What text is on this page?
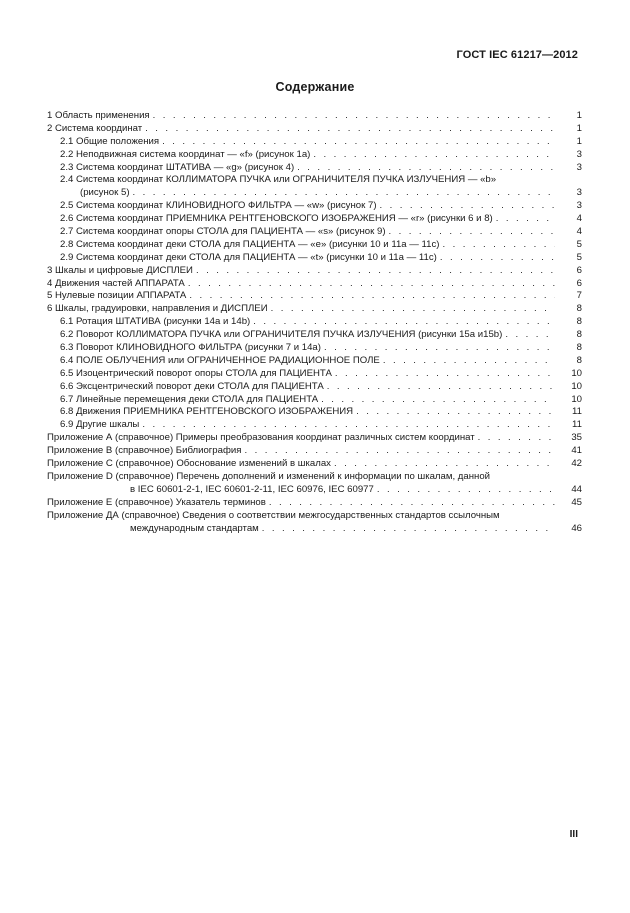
ГОСТ IEC 61217—2012
Содержание
1 Область применения . . .	1
2 Система координат . . .	1
2.1 Общие положения . . .	1
2.2 Неподвижная система координат — «f» (рисунок 1а) . . .	3
2.3 Система координат ШТАТИВА — «g» (рисунок 4) . . .	3
2.4 Система координат КОЛЛИМАТОРА ПУЧКА или ОГРАНИЧИТЕЛЯ ПУЧКА ИЗЛУЧЕНИЯ — «b»
(рисунок 5) . . .	3
2.5 Система координат КЛИНОВИДНОГО ФИЛЬТРА — «w» (рисунок 7) . . .	3
2.6 Система координат ПРИЕМНИКА РЕНТГЕНОВСКОГО ИЗОБРАЖЕНИЯ — «r» (рисунки 6 и 8) . . .	4
2.7 Система координат опоры СТОЛА для ПАЦИЕНТА — «s» (рисунок 9) . . .	4
2.8 Система координат деки СТОЛА для ПАЦИЕНТА — «е» (рисунки 10 и 11а — 11с) . . .	5
2.9 Система координат деки СТОЛА для ПАЦИЕНТА — «t» (рисунки 10 и 11а — 11с) . . .	5
3 Шкалы и цифровые ДИСПЛЕИ . . .	6
4 Движения частей АППАРАТА . . .	6
5 Нулевые позиции АППАРАТА . . .	7
6 Шкалы, градуировки, направления и ДИСПЛЕИ . . .	8
6.1 Ротация ШТАТИВА (рисунки 14а и 14b) . . .	8
6.2 Поворот КОЛЛИМАТОРА ПУЧКА или ОГРАНИЧИТЕЛЯ ПУЧКА ИЗЛУЧЕНИЯ (рисунки 15а и15b) . . .	8
6.3 Поворот КЛИНОВИДНОГО ФИЛЬТРА (рисунки 7 и 14а) . . .	8
6.4 ПОЛЕ ОБЛУЧЕНИЯ или ОГРАНИЧЕННОЕ РАДИАЦИОННОЕ ПОЛЕ . . .	8
6.5 Изоцентрический поворот опоры СТОЛА для ПАЦИЕНТА . . .	10
6.6 Эксцентрический поворот деки СТОЛА для ПАЦИЕНТА . . .	10
6.7 Линейные перемещения деки СТОЛА для ПАЦИЕНТА . . .	10
6.8 Движения ПРИЕМНИКА РЕНТГЕНОВСКОГО ИЗОБРАЖЕНИЯ . . .	11
6.9 Другие шкалы . . .	11
Приложение А (справочное) Примеры преобразования координат различных систем координат . . .	35
Приложение В (справочное) Библиография . . .	41
Приложение С (справочное) Обоснование изменений в шкалах . . .	42
Приложение D (справочное) Перечень дополнений и изменений к информации по шкалам, данной
в IEC 60601-2-1, IEC 60601-2-11, IEC 60976, IEC 60977 . . .	44
Приложение Е (справочное) Указатель терминов . . .	45
Приложение ДА (справочное) Сведения о соответствии межгосударственных стандартов ссылочным
международным стандартам . . .	46
III
